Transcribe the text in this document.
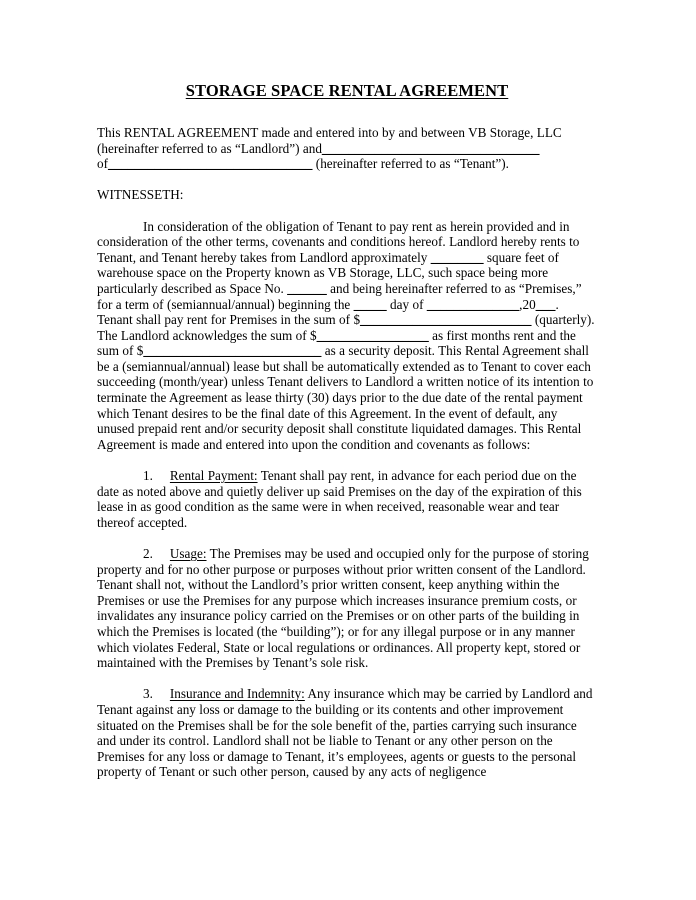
STORAGE SPACE RENTAL AGREEMENT

This RENTAL AGREEMENT made and entered into by and between VB Storage, LLC
(hereinafter referred to as “Landlord”) and_________________________________
of_______________________________ (hereinafter referred to as “Tenant”).

WITNESSETH:

In consideration of the obligation of Tenant to pay rent as herein provided and in consideration of the other terms, covenants and conditions hereof. Landlord hereby rents to Tenant, and Tenant hereby takes from Landlord approximately ________ square feet of warehouse space on the Property known as VB Storage, LLC, such space being more particularly described as Space No. ______ and being hereinafter referred to as “Premises,” for a term of (semiannual/annual) beginning the _____ day of ______________,20___. Tenant shall pay rent for Premises in the sum of $__________________________ (quarterly). The Landlord acknowledges the sum of $_________________ as first months rent and the sum of $___________________________ as a security deposit. This Rental Agreement shall be a (semiannual/annual) lease but shall be automatically extended as to Tenant to cover each succeeding (month/year) unless Tenant delivers to Landlord a written notice of its intention to terminate the Agreement as lease thirty (30) days prior to the due date of the rental payment which Tenant desires to be the final date of this Agreement. In the event of default, any unused prepaid rent and/or security deposit shall constitute liquidated damages. This Rental Agreement is made and entered into upon the condition and covenants as follows:

1. Rental Payment: Tenant shall pay rent, in advance for each period due on the date as noted above and quietly deliver up said Premises on the day of the expiration of this lease in as good condition as the same were in when received, reasonable wear and tear thereof accepted.

2. Usage: The Premises may be used and occupied only for the purpose of storing property and for no other purpose or purposes without prior written consent of the Landlord. Tenant shall not, without the Landlord’s prior written consent, keep anything within the Premises or use the Premises for any purpose which increases insurance premium costs, or invalidates any insurance policy carried on the Premises or on other parts of the building in which the Premises is located (the “building”); or for any illegal purpose or in any manner which violates Federal, State or local regulations or ordinances. All property kept, stored or maintained with the Premises by Tenant’s sole risk.

3. Insurance and Indemnity: Any insurance which may be carried by Landlord and Tenant against any loss or damage to the building or its contents and other improvement situated on the Premises shall be for the sole benefit of the, parties carrying such insurance and under its control. Landlord shall not be liable to Tenant or any other person on the Premises for any loss or damage to Tenant, it’s employees, agents or guests to the personal property of Tenant or such other person, caused by any acts of negligence
